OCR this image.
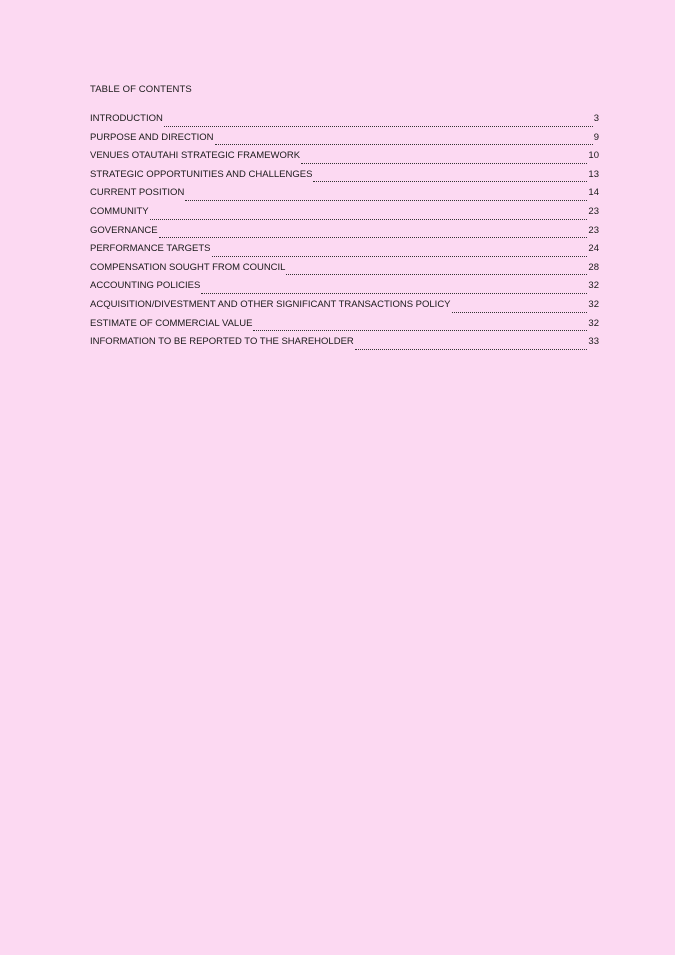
TABLE OF CONTENTS
INTRODUCTION	3
PURPOSE AND DIRECTION	9
VENUES OTAUTAHI STRATEGIC FRAMEWORK	10
STRATEGIC OPPORTUNITIES AND CHALLENGES	13
CURRENT POSITION	14
COMMUNITY	23
GOVERNANCE	23
PERFORMANCE TARGETS	24
COMPENSATION SOUGHT FROM COUNCIL	28
ACCOUNTING POLICIES	32
ACQUISITION/DIVESTMENT AND OTHER SIGNIFICANT TRANSACTIONS POLICY	32
ESTIMATE OF COMMERCIAL VALUE	32
INFORMATION TO BE REPORTED TO THE SHAREHOLDER	33
